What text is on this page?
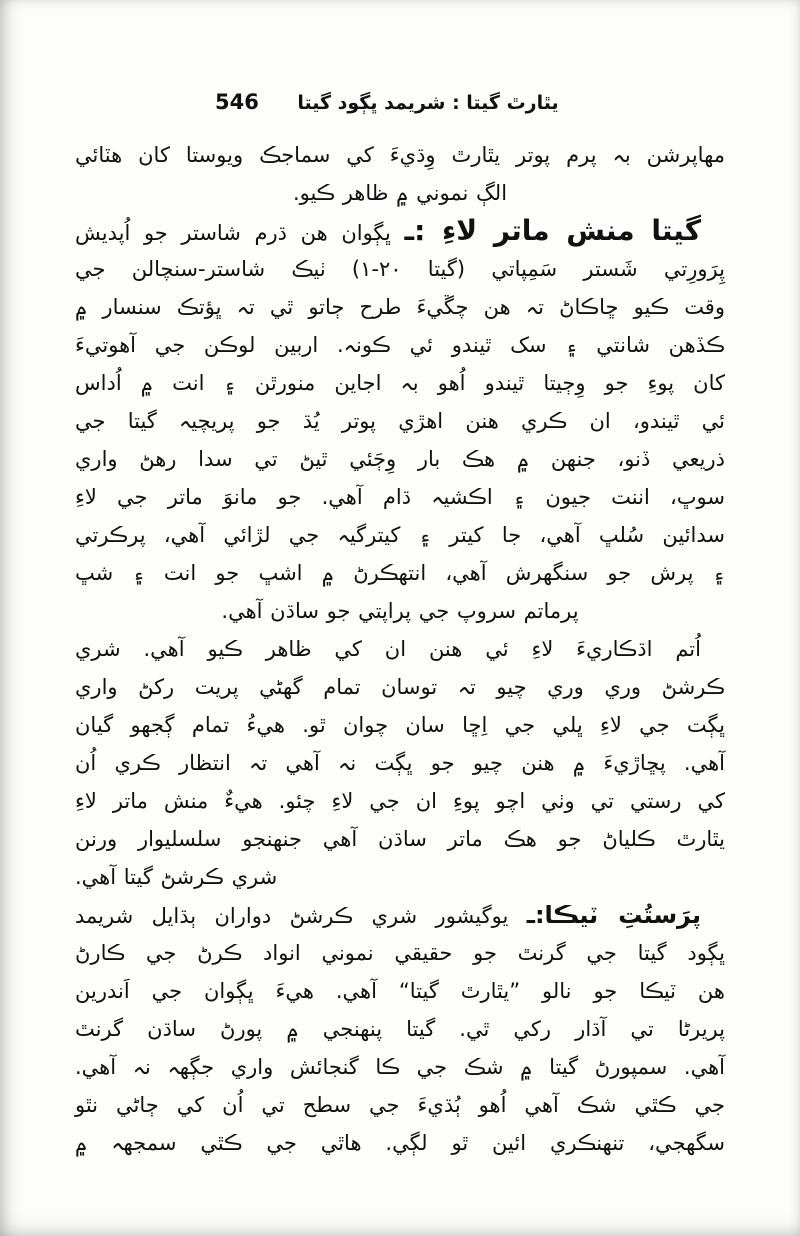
يٿارٿ گيتا : شريمد ڀڳود گيتا
546
مهاپرشن بہ پرم پوتر يٿارٿ وِڌيءَ کي سماجڪ ويوستا کان هٽائي
الڳ نموني ۾ ظاهر ڪيو.
گيتا منش ماتر لاءِ :ـ ڀڳوان هن ڌرم شاستر جو اُپديش
پِرَورِتي شَستر سَمِپاتي (گيتا ٢٠-١) ٺيڪ شاستر-سنچالن جي
وقت ڪيو ڇاڪاڻ تہ هن چڱيءَ طرح ڄاتو ٿي تہ ڀؤتڪ سنسار ۾
ڪڏهن شانتي ۽ سک ٿيندو ئي ڪونہ. اربين لوڪن جي آهوتيءَ
کان پوءِ جو وِڄيتا ٿيندو اُهو بہ اجاين منورٿن ۽ انت ۾ اُداس
ئي ٿيندو، ان ڪري هنن اهڙي پوتر يُڌ جو پريچيہ گيتا جي
ذريعي ڏنو، جنهن ۾ هڪ بار وِڄَئي ٿيڻ تي سدا رهڻ واري
سوڀ، اننت جيون ۽ اڪشيہ ڌام آهي. جو مانوَ ماتر جي لاءِ
سدائين سُلڀ آهي، جا کيتر ۽ کيترگيہ جي لڙائي آهي، پرڪرتي
۽ پرش جو سنگهرش آهي، انتهڪرڻ ۾ اشڀ جو انت ۽ شڀ
پرماتم سروپ جي پراپتي جو ساڌن آهي.
اُتم اڌڪاريءَ لاءِ ئي هنن ان کي ظاهر ڪيو آهي. شري
ڪرشڻ وري وري چيو تہ توسان تمام گهڻي پريت رکڻ واري
ڀڳت جي لاءِ ڀلي جي اِڇا سان چوان ٿو. هيءُ تمام ڳجھو گيان
آهي. پڇاڙيءَ ۾ هنن چيو جو ڀڳت نہ آهي تہ انتظار ڪري اُن
کي رستي تي وٺي اچو پوءِ ان جي لاءِ چئو. هيءٌ منش ماتر لاءِ
يٿارٿ ڪلياڻ جو هڪ ماتر ساڌن آهي جنهنجو سلسليوار ورنن
شري ڪرشڻ گيتا آهي.
پرَستُتِ ٽيڪا:ـ يوگيشور شري ڪرشڻ دواران ٻڌايل شريمد
ڀڳود گيتا جي گرنٿ جو حقيقي نموني انواد ڪرڻ جي ڪارڻ
هن ٽيڪا جو نالو ”يٿارٿ گيتا“ آهي. هيءَ ڀڳوان جي اَندرين
پريرڻا تي آڌار رکي ٿي. گيتا پنهنجي ۾ پورڻ ساڌن گرنٿ
آهي. سمپورڻ گيتا ۾ شڪ جي ڪا گنجائش واري جڳهہ نہ آهي.
جي ڪٿي شڪ آهي اُهو ٻُڌيءَ جي سطح تي اُن کي ڄاڻي نٿو
سگهجي، تنهنڪري ائين ٿو لڳي. هاٿي جي ڪٿي سمجھہ ۾
